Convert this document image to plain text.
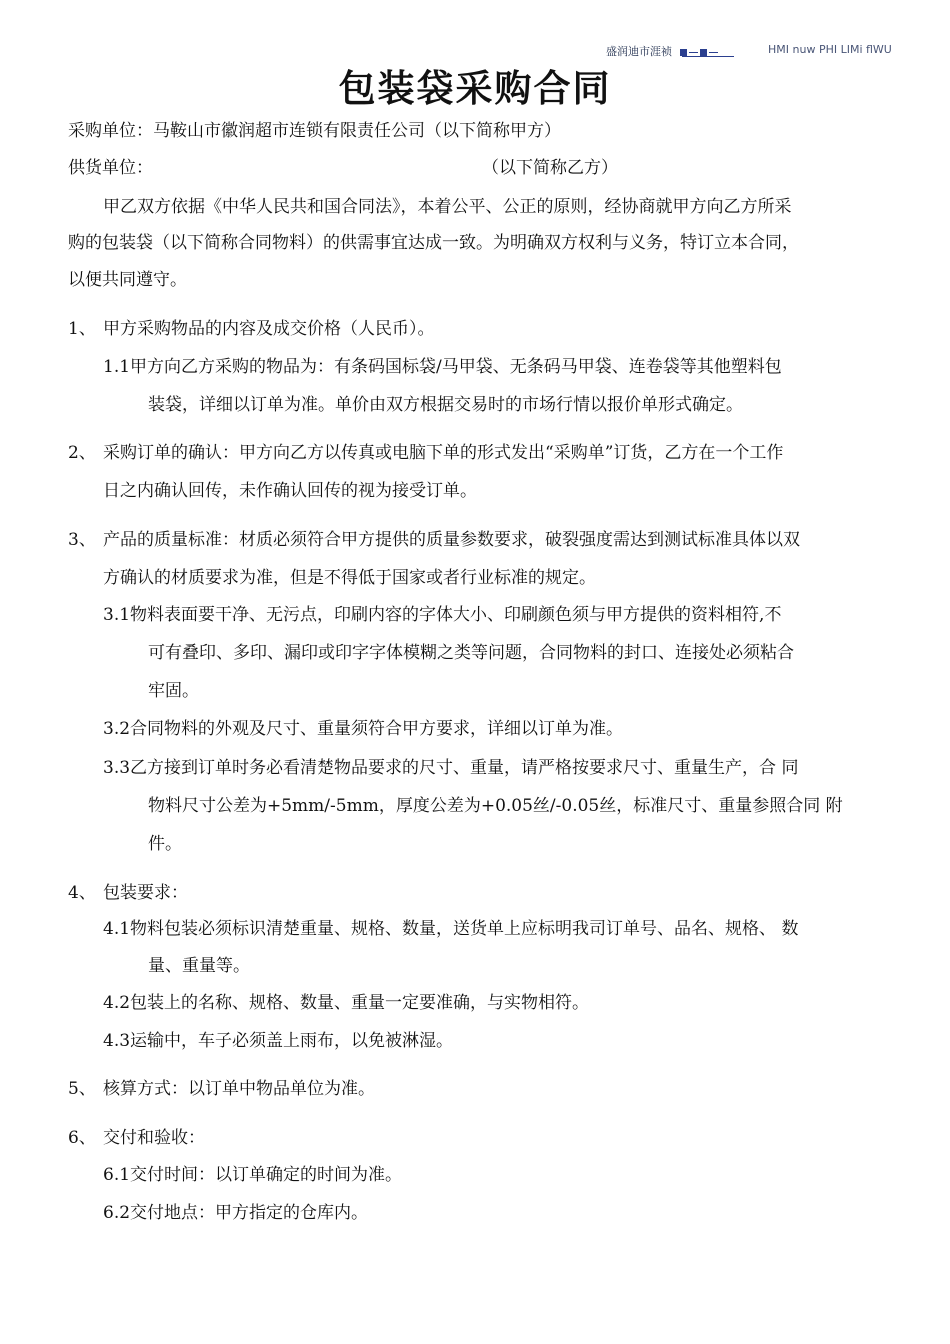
盛润迪市涯祯	HMI nuw PHI LIMi flWU
包装袋采购合同
采购单位：马鞍山市徽润超市连锁有限责任公司（以下简称甲方）
供货单位：	（以下简称乙方）
甲乙双方依据《中华人民共和国合同法》，本着公平、公正的原则，经协商就甲方向乙方所采
购的包装袋（以下简称合同物料）的供需事宜达成一致。为明确双方权利与义务，特订立本合同，
以便共同遵守。
1、 甲方采购物品的内容及成交价格（人民币）。
1.1甲方向乙方采购的物品为：有条码国标袋/马甲袋、无条码马甲袋、连卷袋等其他塑料包
装袋，详细以订单为准。单价由双方根据交易时的市场行情以报价单形式确定。
2、 采购订单的确认：甲方向乙方以传真或电脑下单的形式发出“采购单”订货，乙方在一个工作
日之内确认回传，未作确认回传的视为接受订单。
3、 产品的质量标准：材质必须符合甲方提供的质量参数要求，破裂强度需达到测试标准具体以双
方确认的材质要求为准，但是不得低于国家或者行业标准的规定。
3.1物料表面要干净、无污点，印刷内容的字体大小、印刷颜色须与甲方提供的资料相符,不
可有叠印、多印、漏印或印字字体模糊之类等问题，合同物料的封口、连接处必须粘合
牢固。
3.2合同物料的外观及尺寸、重量须符合甲方要求，详细以订单为准。
3.3乙方接到订单时务必看清楚物品要求的尺寸、重量，请严格按要求尺寸、重量生产，合 同
物料尺寸公差为+5mm/-5mm，厚度公差为+0.05丝/-0.05丝，标准尺寸、重量参照合同 附
件。
4、 包装要求：
4.1物料包装必须标识清楚重量、规格、数量，送货单上应标明我司订单号、品名、规格、 数
量、重量等。
4.2包装上的名称、规格、数量、重量一定要准确，与实物相符。
4.3运输中，车子必须盖上雨布，以免被淋湿。
5、 核算方式：以订单中物品单位为准。
6、 交付和验收：
6.1交付时间：以订单确定的时间为准。
6.2交付地点：甲方指定的仓库内。
